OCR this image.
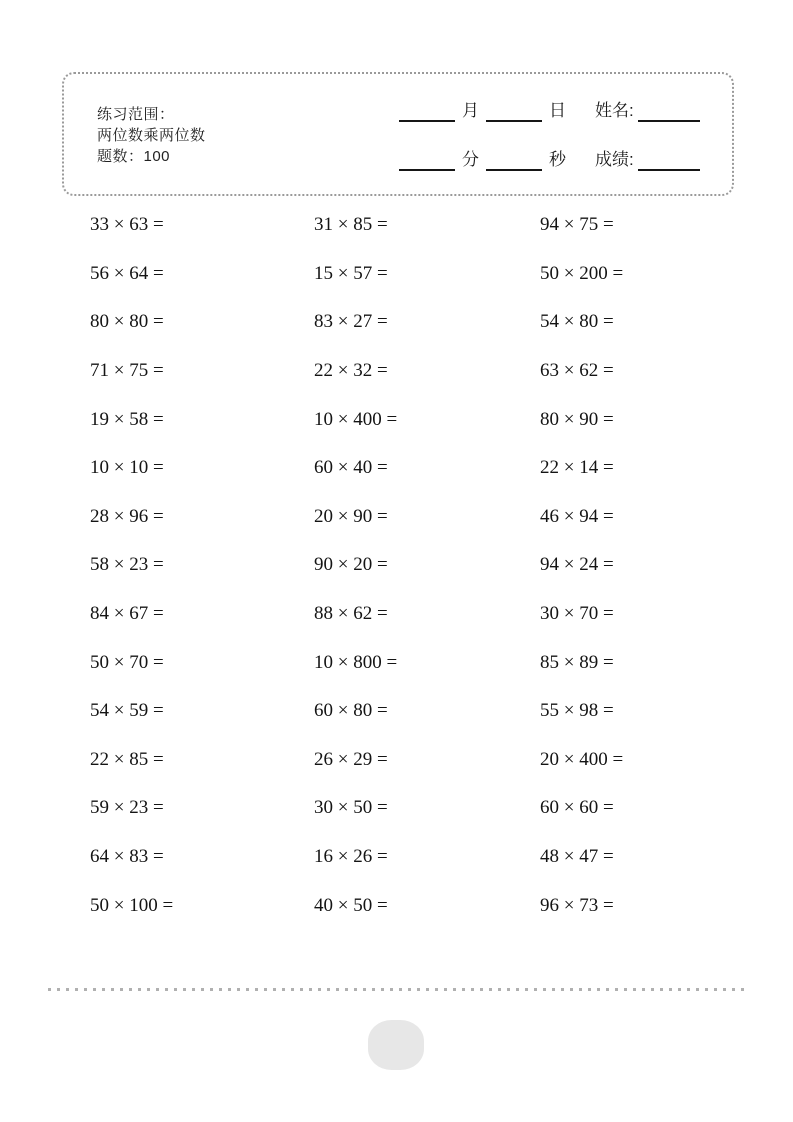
练习范围：
两位数乘两位数
题数：100
月	日 姓名:
分	秒 成绩:
33 × 63 =	31 × 85 =	94 × 75 =
56 × 64 =	15 × 57 =	50 × 200 =
80 × 80 =	83 × 27 =	54 × 80 =
71 × 75 =	22 × 32 =	63 × 62 =
19 × 58 =	10 × 400 =	80 × 90 =
10 × 10 =	60 × 40 =	22 × 14 =
28 × 96 =	20 × 90 =	46 × 94 =
58 × 23 =	90 × 20 =	94 × 24 =
84 × 67 =	88 × 62 =	30 × 70 =
50 × 70 =	10 × 800 =	85 × 89 =
54 × 59 =	60 × 80 =	55 × 98 =
22 × 85 =	26 × 29 =	20 × 400 =
59 × 23 =	30 × 50 =	60 × 60 =
64 × 83 =	16 × 26 =	48 × 47 =
50 × 100 =	40 × 50 =	96 × 73 =
